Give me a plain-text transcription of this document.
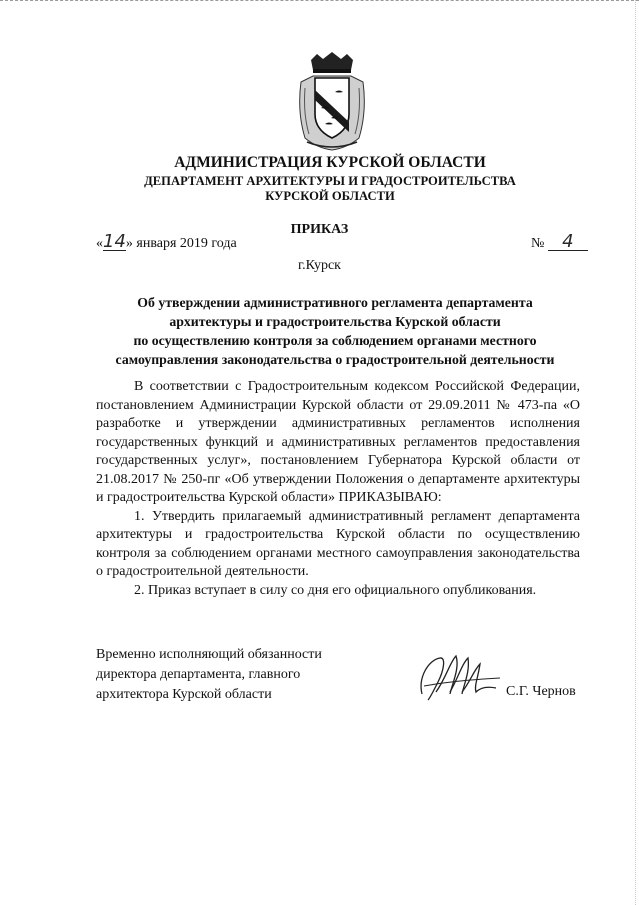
АДМИНИСТРАЦИЯ КУРСКОЙ ОБЛАСТИ
ДЕПАРТАМЕНТ АРХИТЕКТУРЫ И ГРАДОСТРОИТЕЛЬСТВА
КУРСКОЙ ОБЛАСТИ
ПРИКАЗ
«14» января 2019 года	№ 4
г.Курск
Об утверждении административного регламента департамента
архитектуры и градостроительства Курской области
по осуществлению контроля за соблюдением органами местного
самоуправления законодательства о градостроительной деятельности

В соответствии с Градостроительным кодексом Российской Федерации, постановлением Администрации Курской области от 29.09.2011 № 473-па «О разработке и утверждении административных регламентов исполнения государственных функций и административных регламентов предоставления государственных услуг», постановлением Губернатора Курской области от 21.08.2017 № 250-пг «Об утверждении Положения о департаменте архитектуры и градостроительства Курской области» ПРИКАЗЫВАЮ:

1. Утвердить прилагаемый административный регламент департамента архитектуры и градостроительства Курской области по осуществлению контроля за соблюдением органами местного самоуправления законодательства о градостроительной деятельности.

2. Приказ вступает в силу со дня его официального опубликования.

Временно исполняющий обязанности
директора департамента, главного
архитектора Курской области	С.Г. Чернов
